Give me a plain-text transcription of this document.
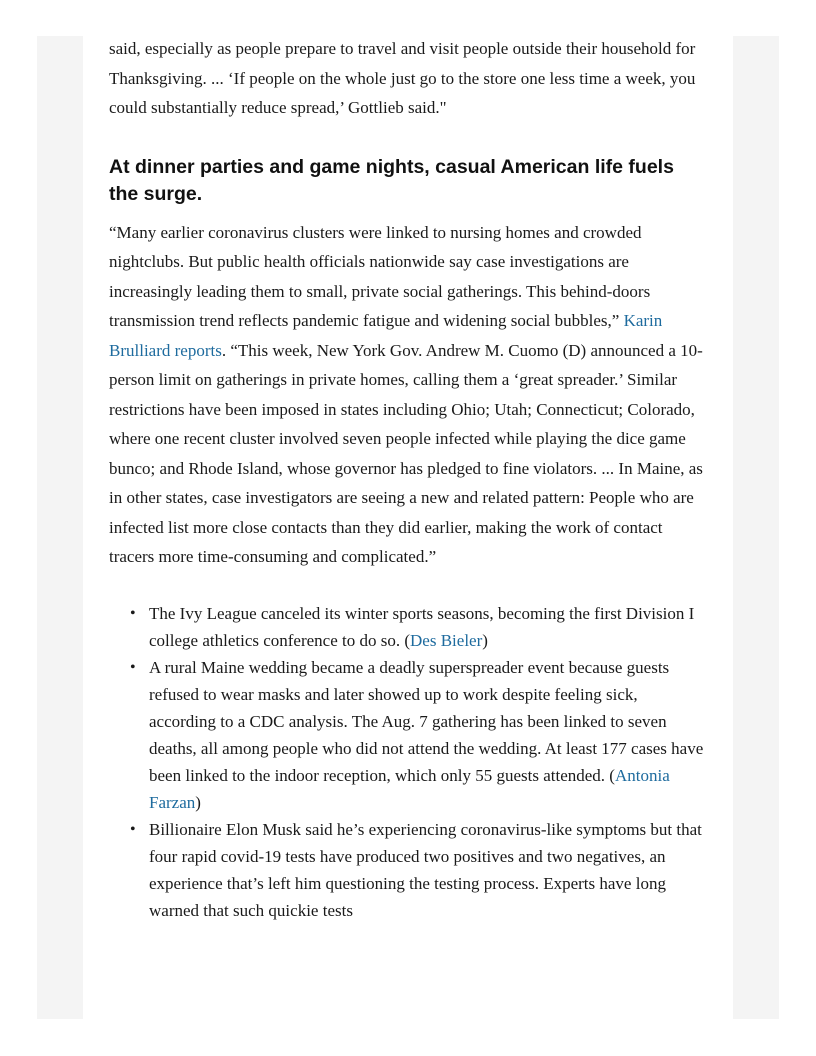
said, especially as people prepare to travel and visit people outside their household for Thanksgiving. ... ‘If people on the whole just go to the store one less time a week, you could substantially reduce spread,’ Gottlieb said."

At dinner parties and game nights, casual American life fuels the surge.

“Many earlier coronavirus clusters were linked to nursing homes and crowded nightclubs. But public health officials nationwide say case investigations are increasingly leading them to small, private social gatherings. This behind-doors transmission trend reflects pandemic fatigue and widening social bubbles,” Karin Brulliard reports. “This week, New York Gov. Andrew M. Cuomo (D) announced a 10-person limit on gatherings in private homes, calling them a ‘great spreader.’ Similar restrictions have been imposed in states including Ohio; Utah; Connecticut; Colorado, where one recent cluster involved seven people infected while playing the dice game bunco; and Rhode Island, whose governor has pledged to fine violators. ... In Maine, as in other states, case investigators are seeing a new and related pattern: People who are infected list more close contacts than they did earlier, making the work of contact tracers more time-consuming and complicated.”

• The Ivy League canceled its winter sports seasons, becoming the first Division I college athletics conference to do so. (Des Bieler)
• A rural Maine wedding became a deadly superspreader event because guests refused to wear masks and later showed up to work despite feeling sick, according to a CDC analysis. The Aug. 7 gathering has been linked to seven deaths, all among people who did not attend the wedding. At least 177 cases have been linked to the indoor reception, which only 55 guests attended. (Antonia Farzan)
• Billionaire Elon Musk said he’s experiencing coronavirus-like symptoms but that four rapid covid-19 tests have produced two positives and two negatives, an experience that’s left him questioning the testing process. Experts have long warned that such quickie tests
